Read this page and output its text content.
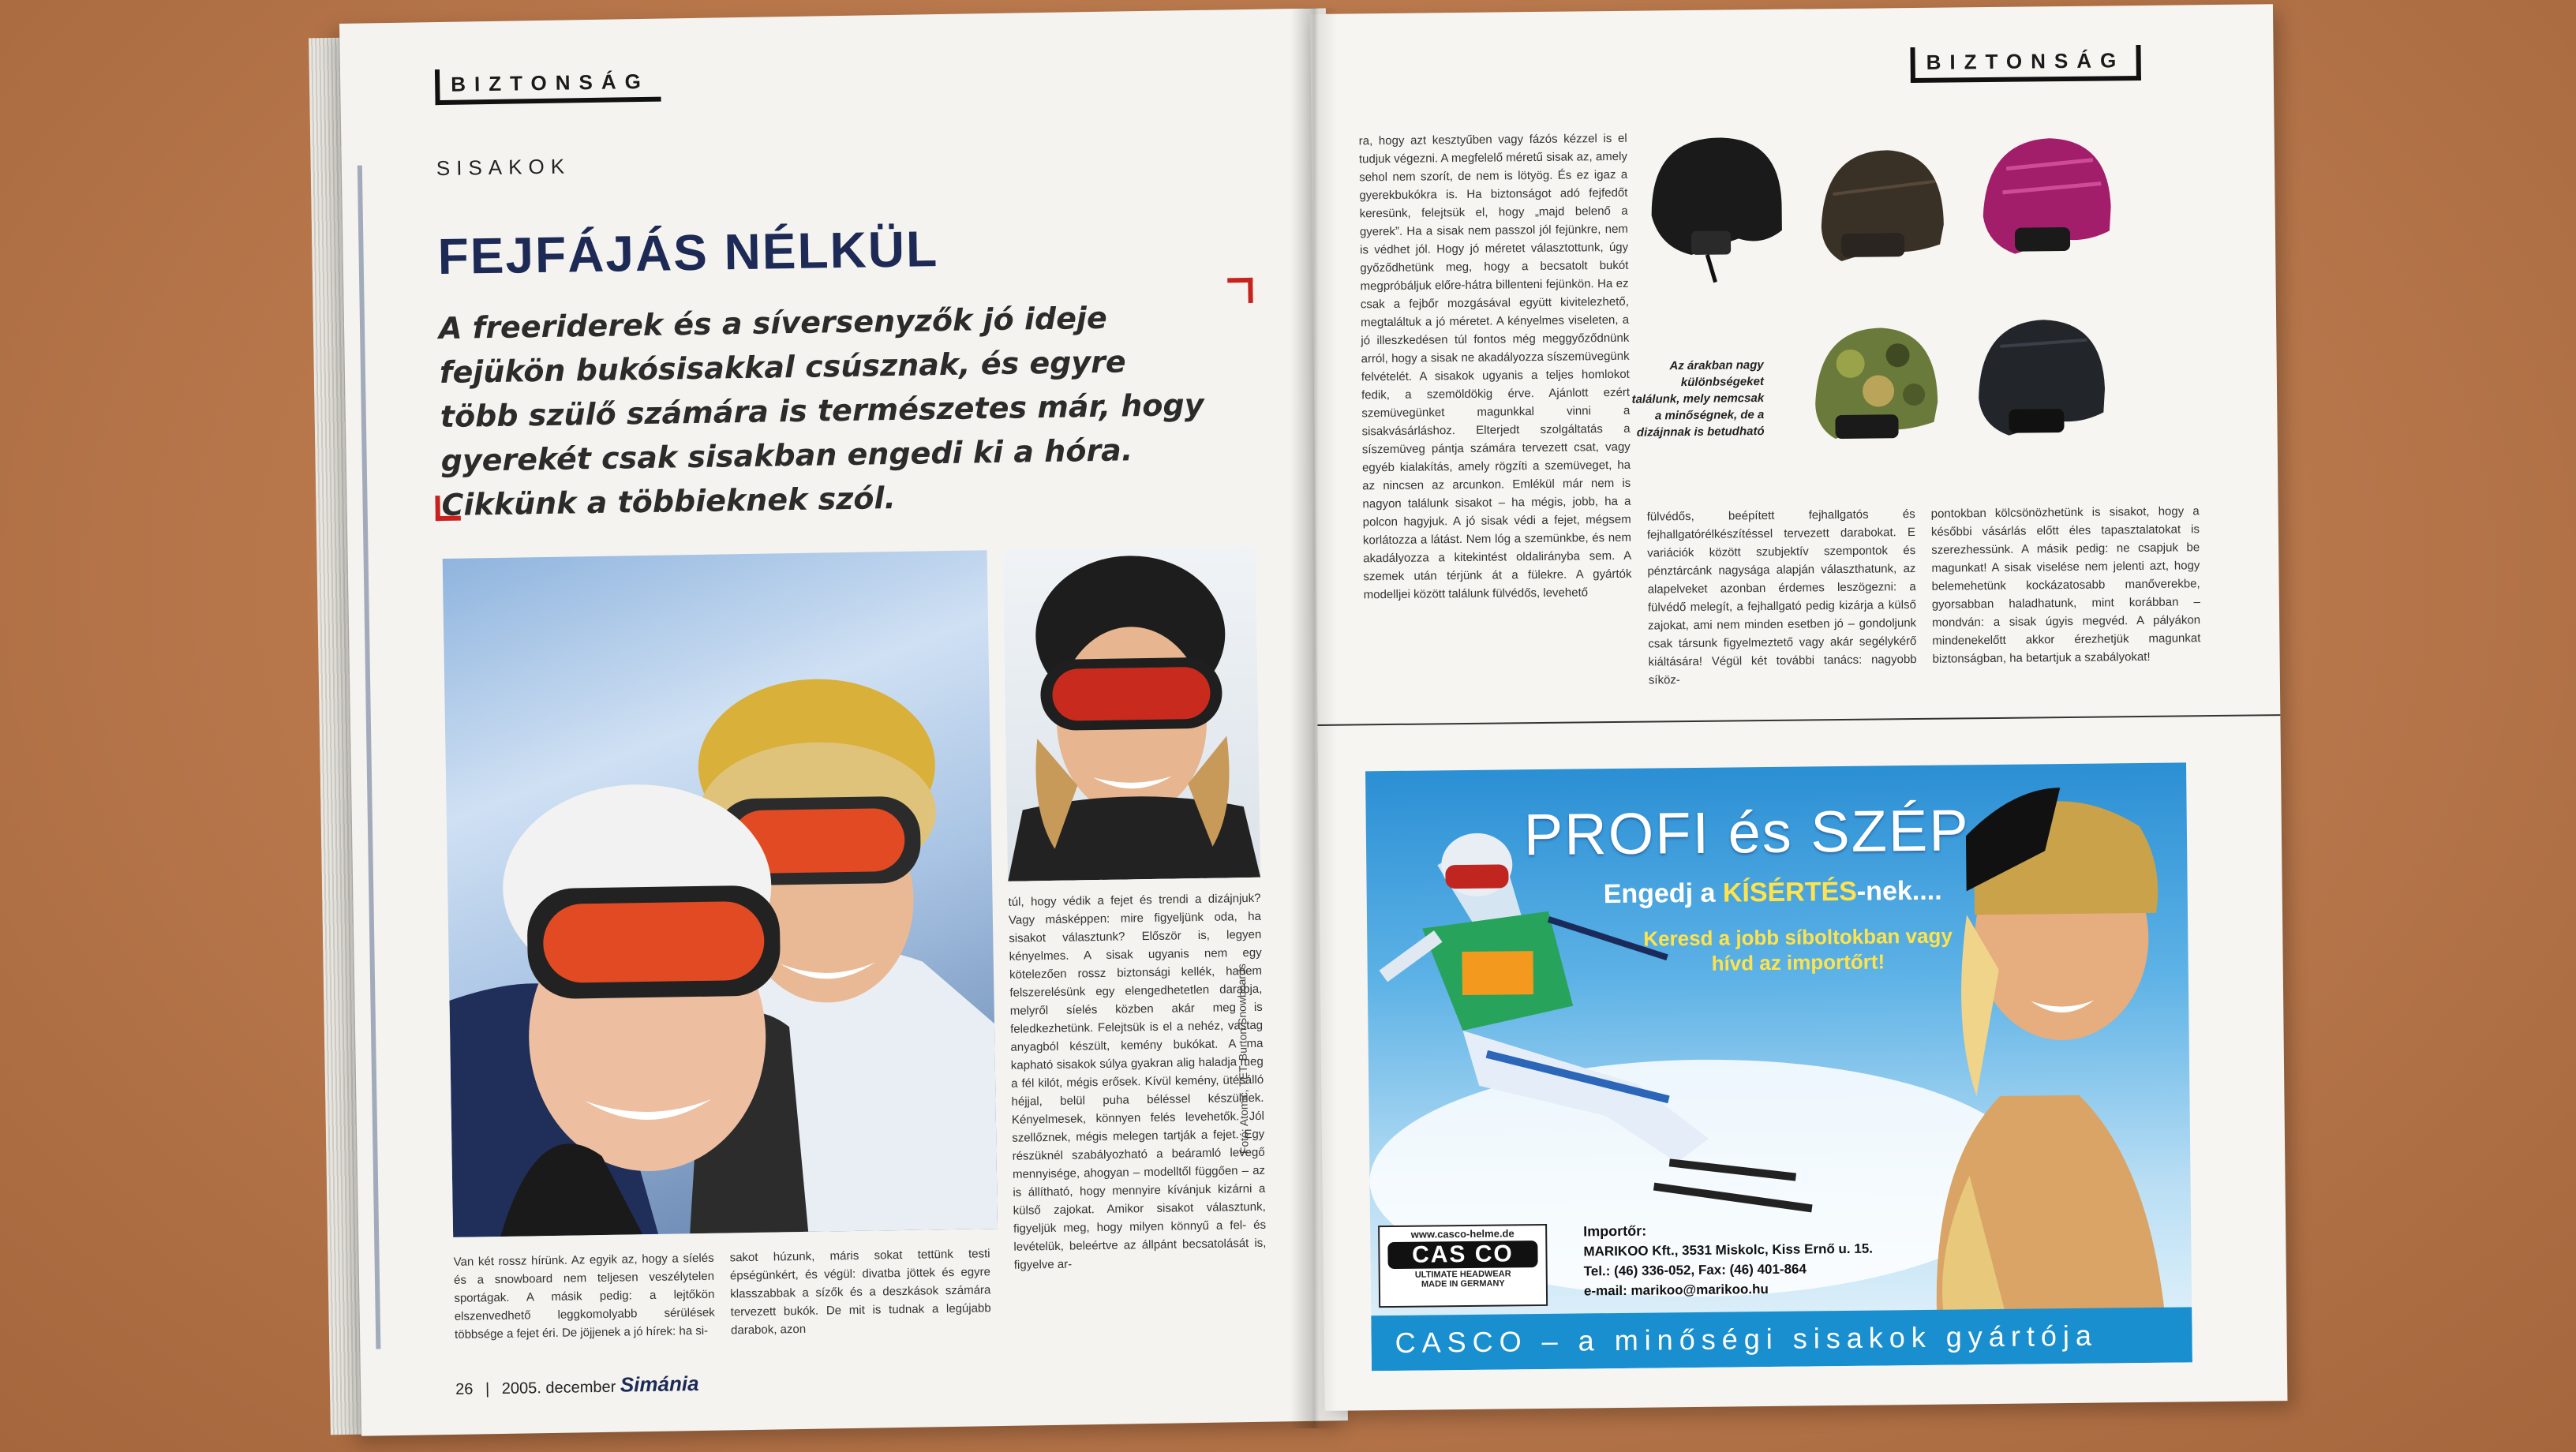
BIZTONSÁG
SISAKOK
FEJFÁJÁS NÉLKÜL
A freeriderek és a síversenyzők jó ideje
fejükön bukósisakkal csúsznak, és egyre
több szülő számára is természetes már, hogy
gyerekét csak sisakban engedi ki a hóra.
Cikkünk a többieknek szól.
Van két rossz hírünk. Az egyik az, hogy a síelés és a snowboard nem teljesen veszélytelen sportágak. A másik pedig: a lejtőkön elszenvedhető leggkomolyabb sérülések többsége a fejet éri. De jöjjenek a jó hírek: ha si-
sakot húzunk, máris sokat tettünk testi épségünkért, és végül: divatba jöttek és egyre klasszabbak a sízők és a deszkások számára tervezett bukók. De mit is tudnak a legújabb darabok, azon
túl, hogy védik a fejet és trendi a dizájnjuk? Vagy másképpen: mire figyeljünk oda, ha sisakot választunk? Először is, legyen kényelmes. A sisak ugyanis nem egy kötelezően rossz biztonsági kellék, hanem felszerelésünk egy elengedhetetlen darabja, melyről síelés közben akár meg is feledkezhetünk. Felejtsük is el a nehéz, vastag anyagból készült, kemény bukókat. A ma kapható sisakok súlya gyakran alig haladja meg a fél kilót, mégis erősek. Kívül kemény, ütésálló héjjal, belül puha béléssel készülnek. Kényelmesek, könnyen felés levehetők. Jól szellőznek, mégis melegen tartják a fejet. Egy részüknél szabályozható a beáramló levegő mennyisége, ahogyan – modelltől függően – az is állítható, hogy mennyire kívánjuk kizárni a külső zajokat. Amikor sisakot választunk, figyeljük meg, hogy milyen könnyű a fel- és levételük, beleértve az állpánt becsatolását is, figyelve ar-
Fotó: Atomic, TET, Burton Snowboards
26 | 2005. december Simánia
BIZTONSÁG
ra, hogy azt kesztyűben vagy fázós kézzel is el tudjuk végezni. A megfelelő méretű sisak az, amely sehol nem szorít, de nem is lötyög. És ez igaz a gyerekbukókra is. Ha biztonságot adó fejfedőt keresünk, felejtsük el, hogy „majd belenő a gyerek”. Ha a sisak nem passzol jól fejünkre, nem is védhet jól. Hogy jó méretet választottunk, úgy győződhetünk meg, hogy a becsatolt bukót megpróbáljuk előre-hátra billenteni fejünkön. Ha ez csak a fejbőr mozgásával együtt kivitelezhető, megtaláltuk a jó méretet. A kényelmes viseleten, a jó illeszkedésen túl fontos még meggyőződnünk arról, hogy a sisak ne akadályozza síszemüvegünk felvételét. A sisakok ugyanis a teljes homlokot fedik, a szemöldökig érve. Ajánlott ezért szemüvegünket magunkkal vinni a sisakvásárláshoz. Elterjedt szolgáltatás a síszemüveg pántja számára tervezett csat, vagy egyéb kialakítás, amely rögzíti a szemüveget, ha az nincsen az arcunkon. Emlékül már nem is nagyon találunk sisakot – ha mégis, jobb, ha a polcon hagyjuk. A jó sisak védi a fejet, mégsem korlátozza a látást. Nem lóg a szemünkbe, és nem akadályozza a kitekintést oldalirányba sem. A szemek után térjünk át a fülekre. A gyártók modelljei között találunk fülvédős, levehető
fülvédős, beépített fejhallgatós és fejhallgatórélkészítéssel tervezett darabokat. E variációk között szubjektív szempontok és pénztárcánk nagysága alapján választhatunk, az alapelveket azonban érdemes leszögezni: a fülvédő melegít, a fejhallgató pedig kizárja a külső zajokat, ami nem minden esetben jó – gondoljunk csak társunk figyelmeztető vagy akár segélykérő kiáltására! Végül két további tanács: nagyobb síköz-
pontokban kölcsönözhetünk is sisakot, hogy a későbbi vásárlás előtt éles tapasztalatokat is szerezhessünk. A másik pedig: ne csapjuk be magunkat! A sisak viselése nem jelenti azt, hogy belemehetünk kockázatosabb manőverekbe, gyorsabban haladhatunk, mint korábban – mondván: a sisak úgyis megvéd. A pályákon mindenekelőtt akkor érezhetjük magunkat biztonságban, ha betartjuk a szabályokat!
Az árakban nagy különbségeket találunk, mely nemcsak a minőségnek, de a dizájnnak is betudható
PROFI és SZÉP
Engedj a KÍSÉRTÉS-nek....
Keresd a jobb síboltokban vagy
hívd az importőrt!
www.casco-helme.de
CAS CO
ULTIMATE HEADWEAR
MADE IN GERMANY
Importőr:
MARIKOO Kft., 3531 Miskolc, Kiss Ernő u. 15.
Tel.: (46) 336-052, Fax: (46) 401-864
e-mail: marikoo@marikoo.hu
CASCO – a minőségi sisakok gyártója
